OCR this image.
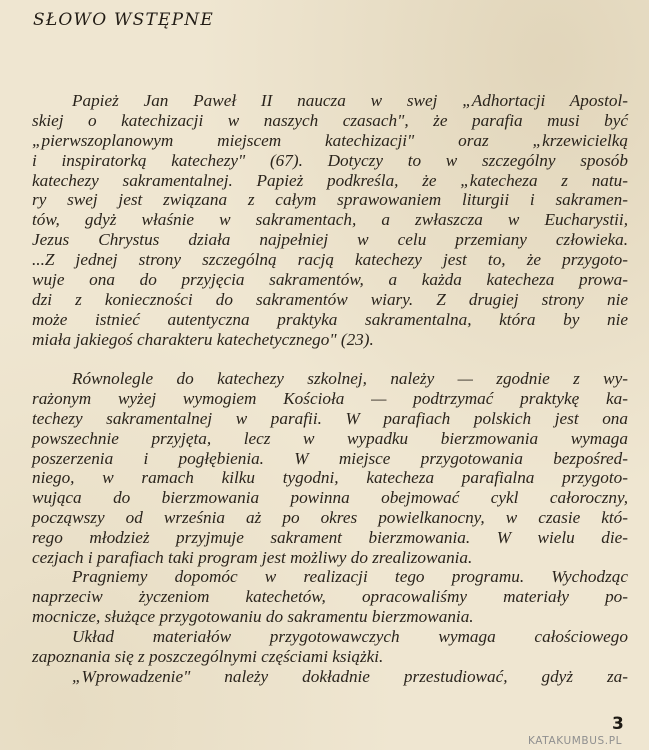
SŁOWO WSTĘPNE
Papież Jan Paweł II naucza w swej „Adhortacji Apostol-
skiej o katechizacji w naszych czasach", że parafia musi być
„pierwszoplanowym miejscem katechizacji" oraz „krzewicielką
i inspiratorką katechezy" (67). Dotyczy to w szczególny sposób
katechezy sakramentalnej. Papież podkreśla, że „katecheza z natu-
ry swej jest związana z całym sprawowaniem liturgii i sakramen-
tów, gdyż właśnie w sakramentach, a zwłaszcza w Eucharystii,
Jezus Chrystus działa najpełniej w celu przemiany człowieka.
...Z jednej strony szczególną racją katechezy jest to, że przygoto-
wuje ona do przyjęcia sakramentów, a każda katecheza prowa-
dzi z konieczności do sakramentów wiary. Z drugiej strony nie
może istnieć autentyczna praktyka sakramentalna, która by nie
miała jakiegoś charakteru katechetycznego" (23).
Równolegle do katechezy szkolnej, należy — zgodnie z wy-
rażonym wyżej wymogiem Kościoła — podtrzymać praktykę ka-
techezy sakramentalnej w parafii. W parafiach polskich jest ona
powszechnie przyjęta, lecz w wypadku bierzmowania wymaga
poszerzenia i pogłębienia. W miejsce przygotowania bezpośred-
niego, w ramach kilku tygodni, katecheza parafialna przygoto-
wująca do bierzmowania powinna obejmować cykl całoroczny,
począwszy od września aż po okres powielkanocny, w czasie któ-
rego młodzież przyjmuje sakrament bierzmowania. W wielu die-
cezjach i parafiach taki program jest możliwy do zrealizowania.
Pragniemy dopomóc w realizacji tego programu. Wychodząc
naprzeciw życzeniom katechetów, opracowaliśmy materiały po-
mocnicze, służące przygotowaniu do sakramentu bierzmowania.
Układ materiałów przygotowawczych wymaga całościowego
zapoznania się z poszczególnymi częściami książki.
„Wprowadzenie" należy dokładnie przestudiować, gdyż za-
3
KATAKUMBUS.PL
